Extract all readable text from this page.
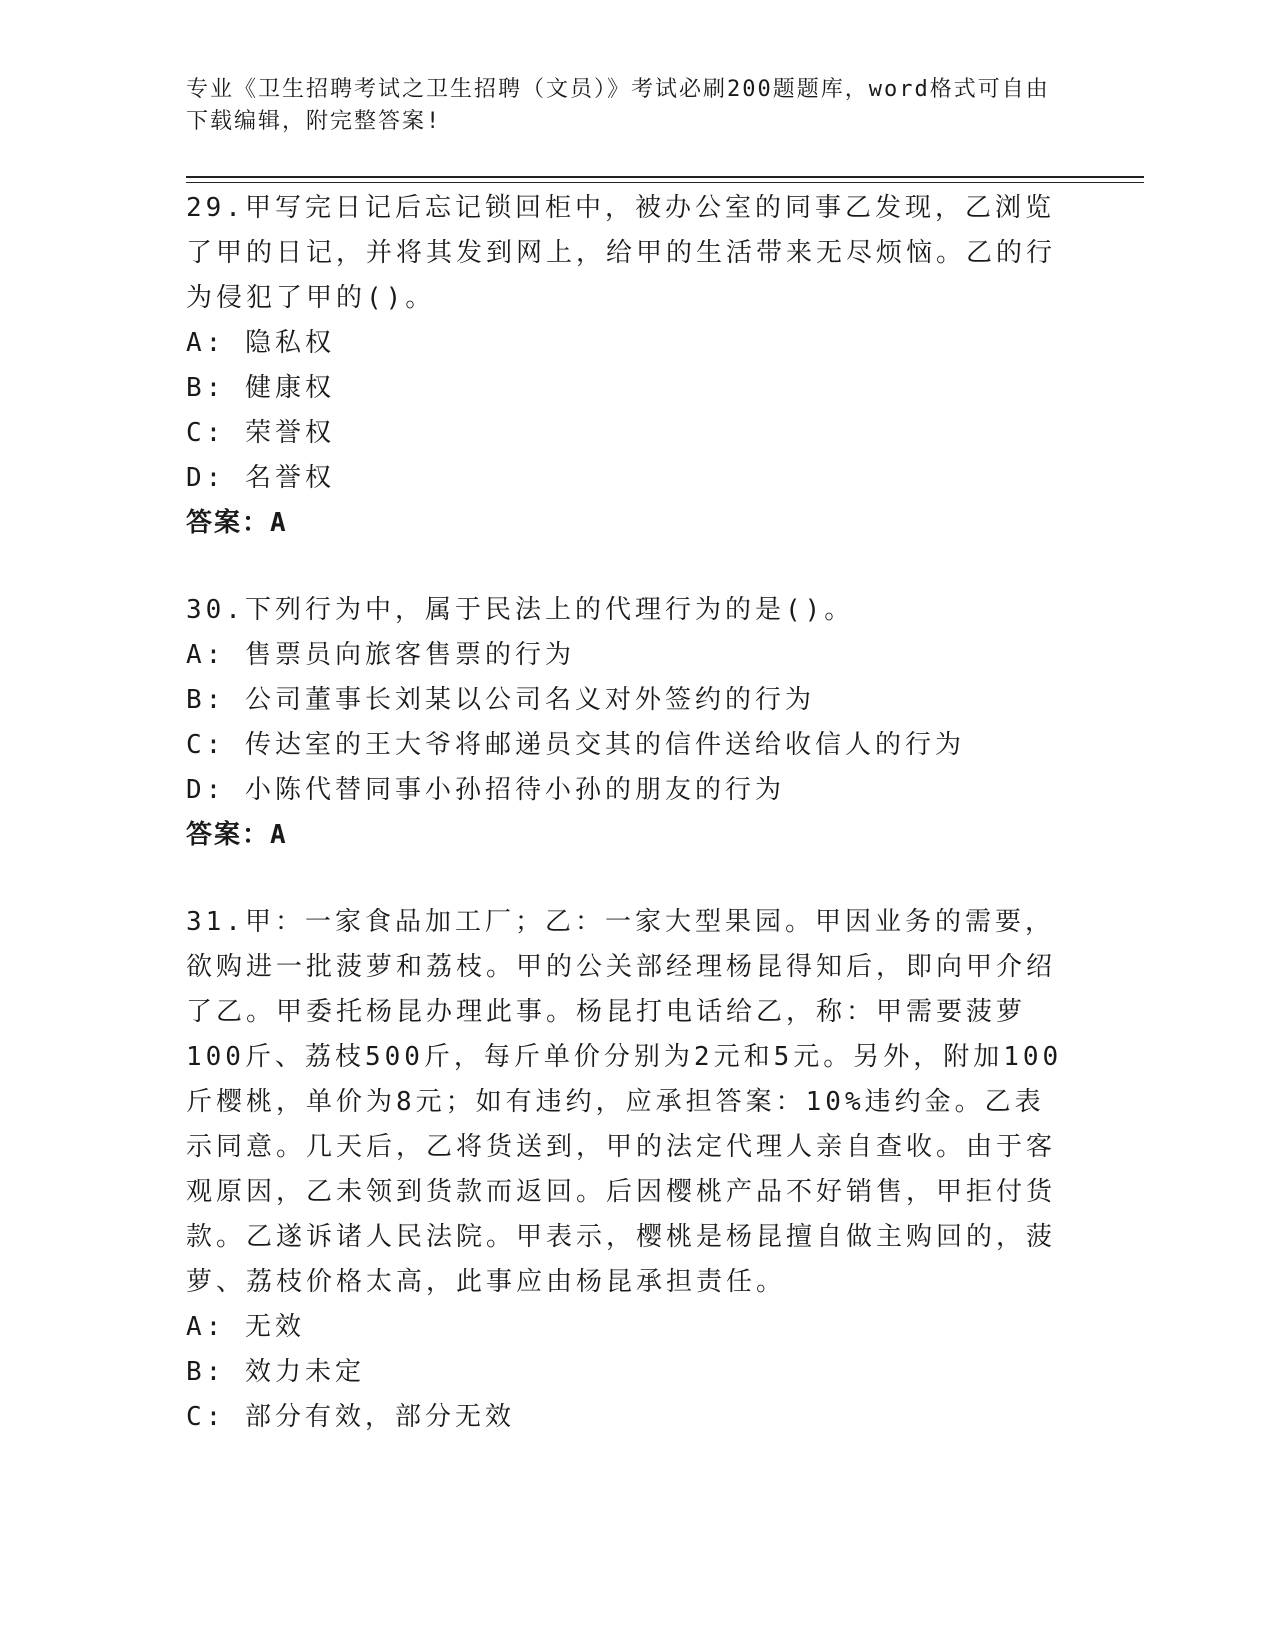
专业《卫生招聘考试之卫生招聘（文员）》考试必刷200题题库，word格式可自由下载编辑，附完整答案!

29.甲写完日记后忘记锁回柜中，被办公室的同事乙发现，乙浏览了甲的日记，并将其发到网上，给甲的生活带来无尽烦恼。乙的行为侵犯了甲的()。

A: 隐私权

B: 健康权

C: 荣誉权

D: 名誉权

答案：A

30.下列行为中，属于民法上的代理行为的是()。

A: 售票员向旅客售票的行为

B: 公司董事长刘某以公司名义对外签约的行为

C: 传达室的王大爷将邮递员交其的信件送给收信人的行为

D: 小陈代替同事小孙招待小孙的朋友的行为

答案：A

31.甲：一家食品加工厂；乙：一家大型果园。甲因业务的需要，欲购进一批菠萝和荔枝。甲的公关部经理杨昆得知后，即向甲介绍了乙。甲委托杨昆办理此事。杨昆打电话给乙，称：甲需要菠萝100斤、荔枝500斤，每斤单价分别为2元和5元。另外，附加100斤樱桃，单价为8元；如有违约，应承担答案：10%违约金。乙表示同意。几天后，乙将货送到，甲的法定代理人亲自查收。由于客观原因，乙未领到货款而返回。后因樱桃产品不好销售，甲拒付货款。乙遂诉诸人民法院。甲表示，樱桃是杨昆擅自做主购回的，菠萝、荔枝价格太高，此事应由杨昆承担责任。

A: 无效

B: 效力未定

C: 部分有效，部分无效
